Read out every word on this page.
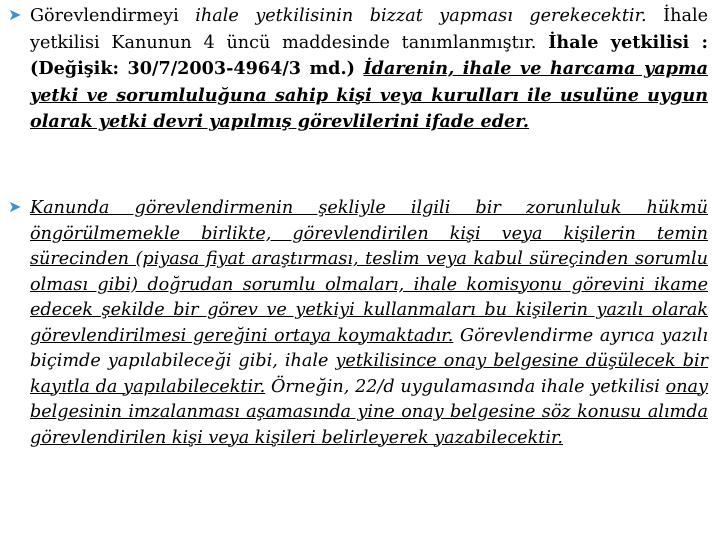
➤ Görevlendirmeyi ihale yetkilisinin bizzat yapması gerekecektir. İhale yetkilisi Kanunun 4 üncü maddesinde tanımlanmıştır. İhale yetkilisi : (Değişik: 30/7/2003-4964/3 md.) İdarenin, ihale ve harcama yapma yetki ve sorumluluğuna sahip kişi veya kurulları ile usulüne uygun olarak yetki devri yapılmış görevlilerini ifade eder.
➤ Kanunda görevlendirmenin şekliyle ilgili bir zorunluluk hükmü öngörülmemekle birlikte, görevlendirilen kişi veya kişilerin temin sürecinden (piyasa fiyat araştırması, teslim veya kabul süreçinden sorumlu olması gibi) doğrudan sorumlu olmaları, ihale komisyonu görevini ikame edecek şekilde bir görev ve yetkiyi kullanmaları bu kişilerin yazılı olarak görevlendirilmesi gereğini ortaya koymaktadır. Görevlendirme ayrıca yazılı biçimde yapılabileceği gibi, ihale yetkilisince onay belgesine düşülecek bir kayıtla da yapılabilecektir. Örneğin, 22/d uygulamasında ihale yetkilisi onay belgesinin imzalanması aşamasında yine onay belgesine söz konusu alımda görevlendirilen kişi veya kişileri belirleyerek yazabilecektir.
